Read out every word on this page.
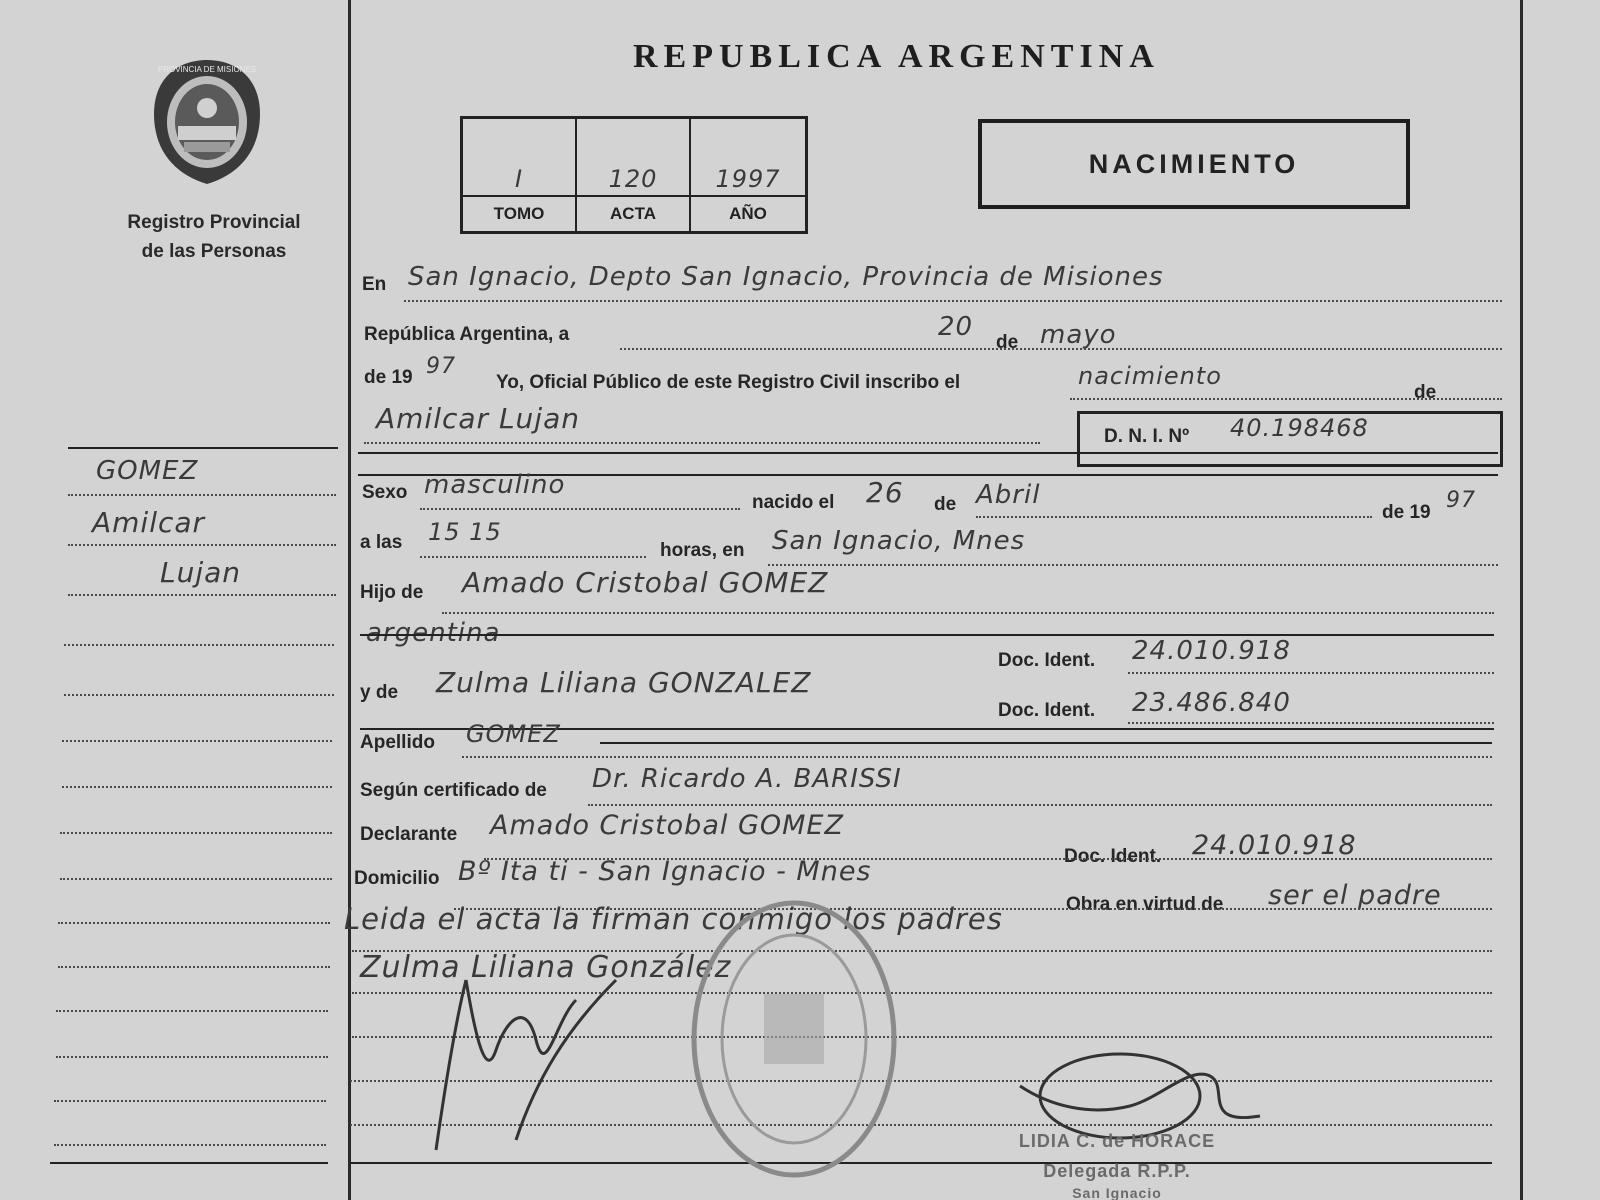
PROVINCIA DE MISIONES
Registro Provincial
de las Personas
REPUBLICA ARGENTINA
I
TOMO
120
ACTA
1997
AÑO
NACIMIENTO
GOMEZ
Amilcar
Lujan
En San Ignacio, Depto San Ignacio, Provincia de Misiones
República Argentina, a	20
de mayo
de 19 97
Yo, Oficial Público de este Registro Civil inscribo el	nacimiento
de
Amilcar Lujan
D. N. I. Nº 40.198468
Sexo masculino
nacido el 26 de Abril
de 19 97
a las 15 15
horas, en San Ignacio, Mnes
Hijo de Amado Cristobal GOMEZ
argentina
Doc. Ident. 24.010.918
y de Zulma Liliana GONZALEZ
Doc. Ident. 23.486.840
Apellido GOMEZ
Según certificado de Dr. Ricardo A. BARISSI
Declarante Amado Cristobal GOMEZ
Doc. Ident. 24.010.918
Domicilio Bº Ita ti - San Ignacio - Mnes
Obra en virtud de ser el padre
Leida el acta la firman conmigo los padres
Zulma Liliana González
LIDIA C. de HORACE
Delegada R.P.P.
San Ignacio
